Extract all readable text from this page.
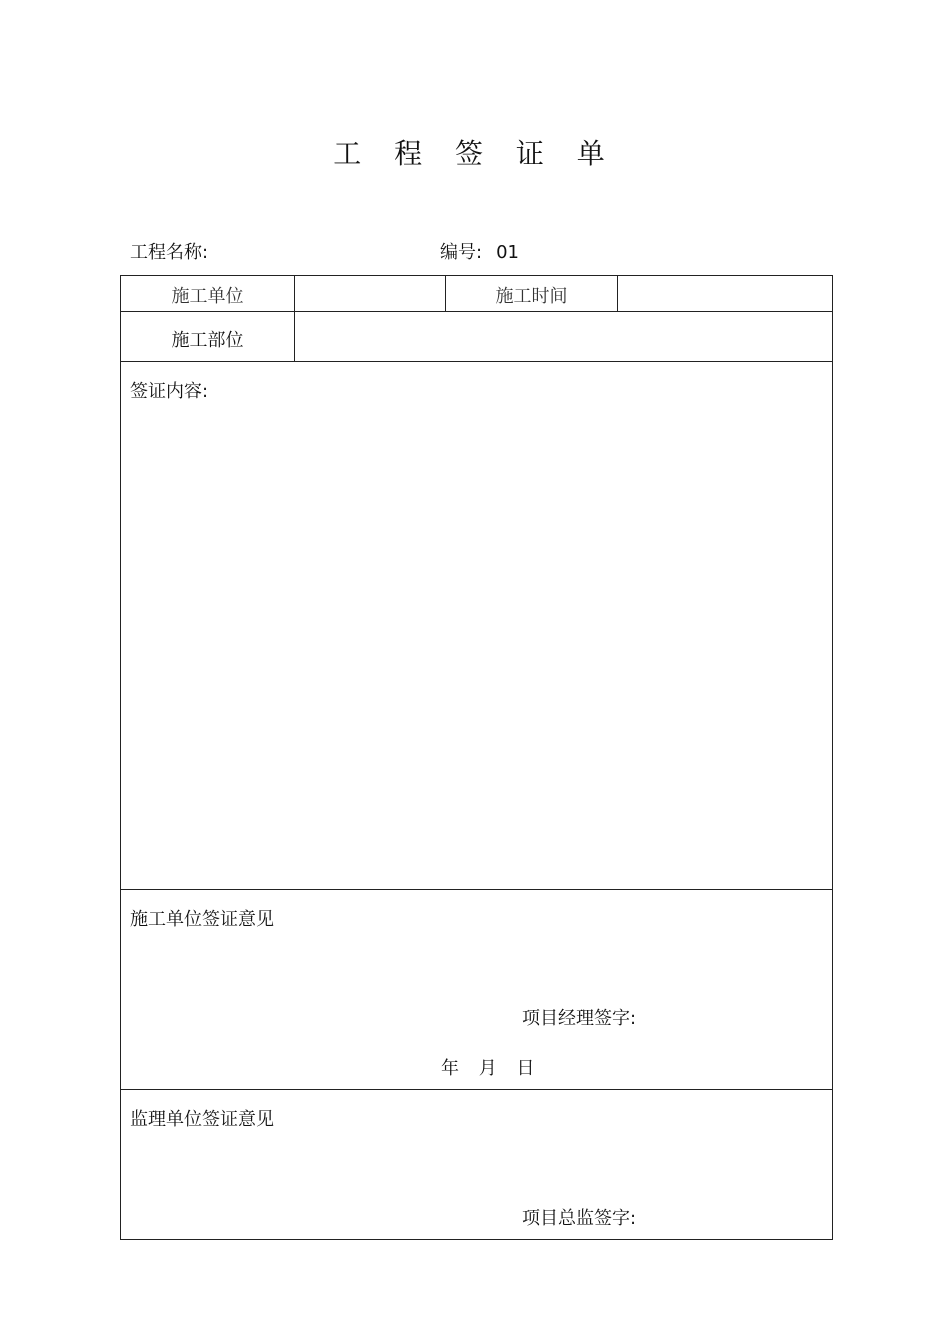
工 程 签 证 单
工程名称:	编号: 01
施工单位	施工时间
施工部位
签证内容:
施工单位签证意见
项目经理签字:
年 月 日
监理单位签证意见
项目总监签字:
